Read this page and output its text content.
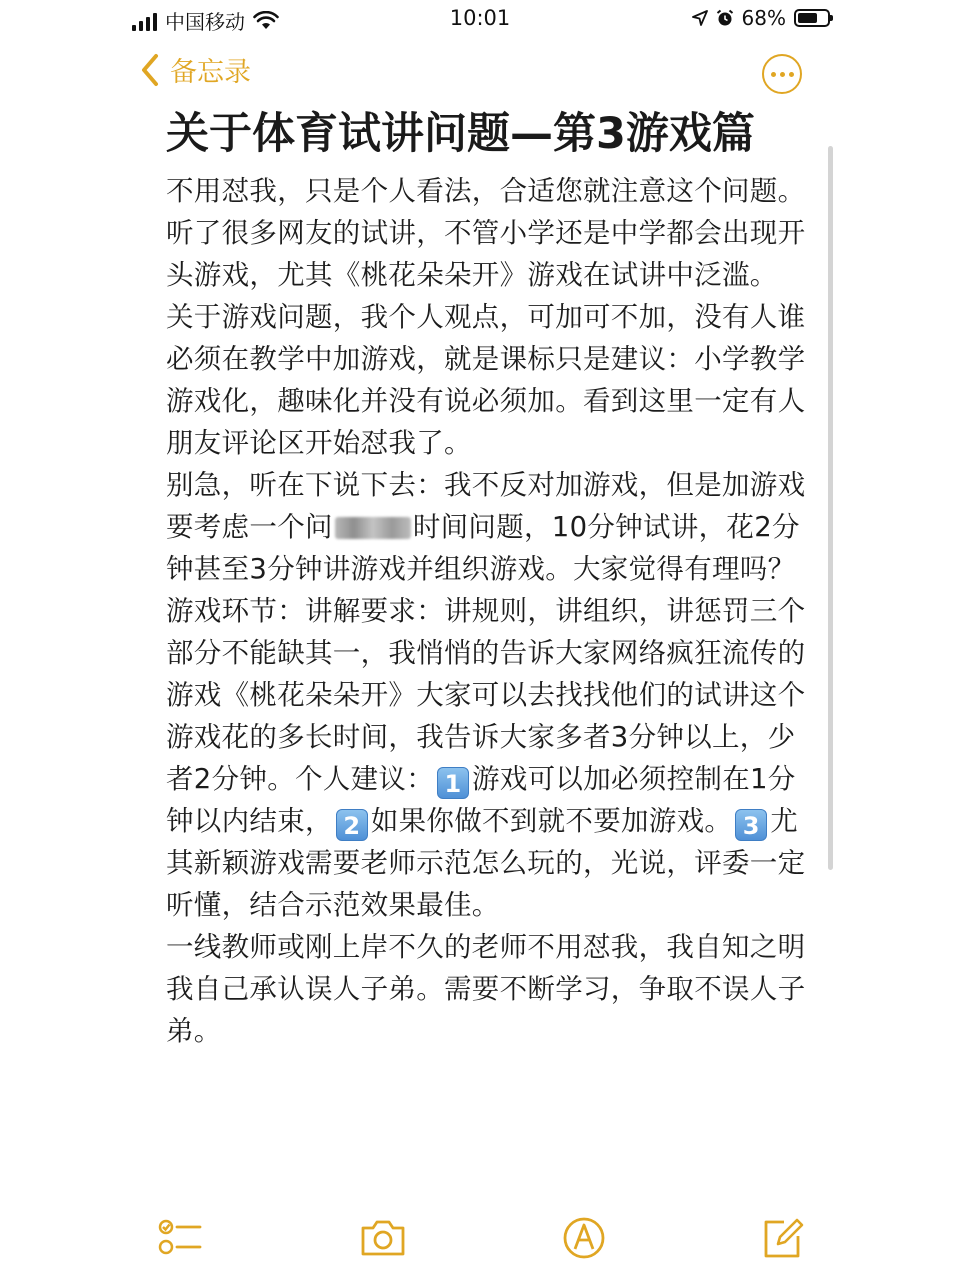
中国移动	10:01	68%
备忘录
关于体育试讲问题—第3游戏篇

不用怼我，只是个人看法，合适您就注意这个问题。听了很多网友的试讲，不管小学还是中学都会出现开头游戏，尤其《桃花朵朵开》游戏在试讲中泛滥。

关于游戏问题，我个人观点，可加可不加，没有人谁必须在教学中加游戏，就是课标只是建议：小学教学游戏化，趣味化并没有说必须加。看到这里一定有人朋友评论区开始怼我了。

别急，听在下说下去：我不反对加游戏，但是加游戏要考虑一个问	时间问题，10分钟试讲，花2分钟甚至3分钟讲游戏并组织游戏。大家觉得有理吗？游戏环节：讲解要求：讲规则，讲组织，讲惩罚三个部分不能缺其一，我悄悄的告诉大家网络疯狂流传的游戏《桃花朵朵开》大家可以去找找他们的试讲这个游戏花的多长时间，我告诉大家多者3分钟以上，少者2分钟。个人建议： 1 游戏可以加必须控制在1分钟以内结束， 2 如果你做不到就不要加游戏。 3 尤其新颖游戏需要老师示范怎么玩的，光说，评委一定听懂，结合示范效果最佳。

一线教师或刚上岸不久的老师不用怼我，我自知之明我自己承认误人子弟。需要不断学习，争取不误人子弟。
